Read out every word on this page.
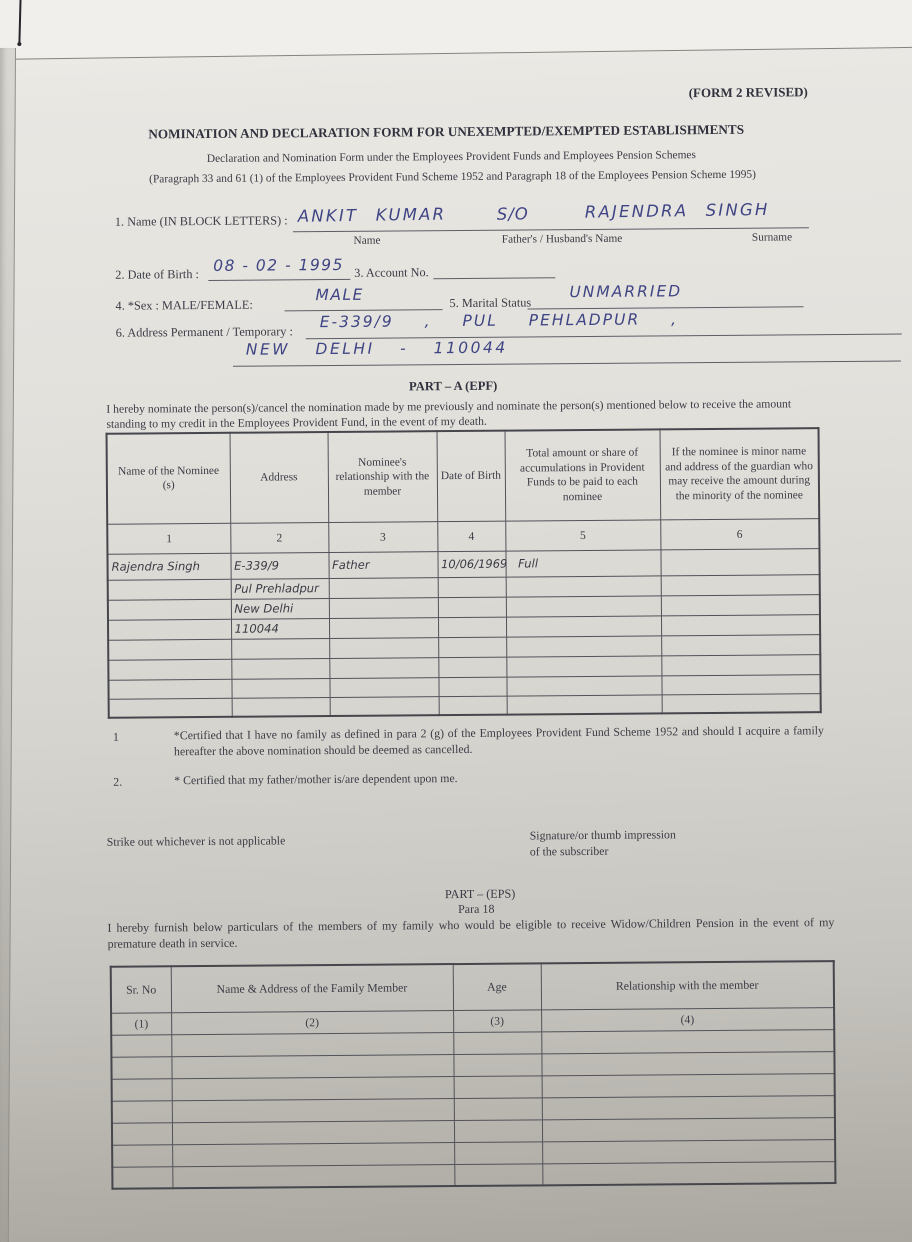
(FORM 2 REVISED)
NOMINATION AND DECLARATION FORM FOR UNEXEMPTED/EXEMPTED ESTABLISHMENTS
Declaration and Nomination Form under the Employees Provident Funds and Employees Pension Schemes
(Paragraph 33 and 61 (1) of the Employees Provident Fund Scheme 1952 and Paragraph 18 of the Employees Pension Scheme 1995)
1. Name (IN BLOCK LETTERS) : ANKIT KUMAR	S/O	RAJENDRA SINGH
Name	Father's / Husband's Name	Surname
2. Date of Birth : 08 - 02 - 1995 3. Account No.
4. *Sex : MALE/FEMALE:
MALE	5. Marital Status
UNMARRIED
6. Address Permanent / Temporary :
E-339/9 , PUL PEHLADPUR ,
NEW DELHI - 110044
PART – A (EPF)
I hereby nominate the person(s)/cancel the nomination made by me previously and nominate the person(s) mentioned below to receive the amount standing to my credit in the Employees Provident Fund, in the event of my death.
Name of the Nominee (s)	Address	Nominee's relationship with the member	Date of Birth	Total amount or share of accumulations in Provident Funds to be paid to each nominee	If the nominee is minor name and address of the guardian who may receive the amount during the minority of the nominee
1	2	3	4	5	6
Rajendra Singh	E-339/9	Father	10/06/1969	Full	
	Pul Prehladpur				
	New Delhi				
	110044				

1	*Certified that I have no family as defined in para 2 (g) of the Employees Provident Fund Scheme 1952 and should I acquire a family hereafter the above nomination should be deemed as cancelled.
2.	* Certified that my father/mother is/are dependent upon me.
Strike out whichever is not applicable	Signature/or thumb impression
of the subscriber
PART – (EPS)
Para 18
I hereby furnish below particulars of the members of my family who would be eligible to receive Widow/Children Pension in the event of my premature death in service.
Sr. No	Name & Address of the Family Member	Age	Relationship with the member
(1)	(2)	(3)	(4)
